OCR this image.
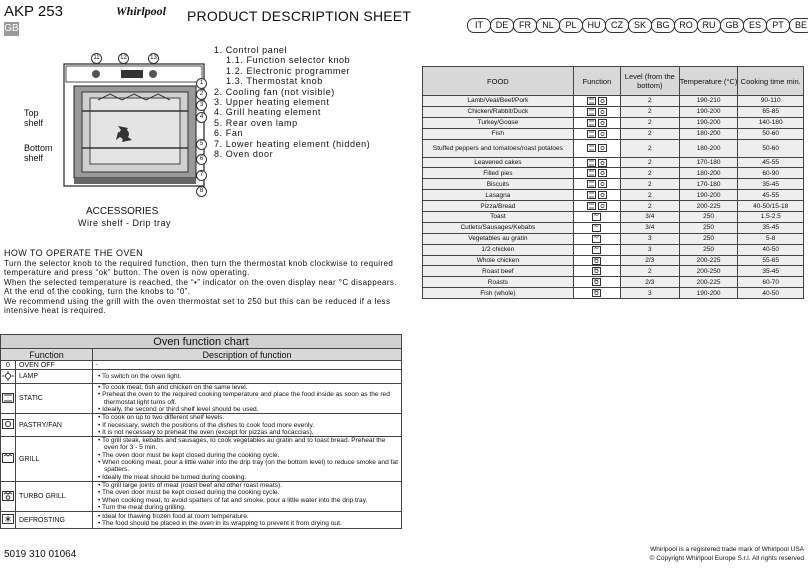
AKP 253
GB
Whirlpool PRODUCT DESCRIPTION SHEET
IT	DE	FR	NL	PL	HU	CZ	SK	BG	RO	RU	GB	ES	PT	BE
11	12	13
1
2
3
4
5
6
7
8
Top shelf
Bottom shelf
ACCESSORIES
Wire shelf - Drip tray
1. Control panel
1.1. Function selector knob
1.2. Electronic programmer
1.3. Thermostat knob
2. Cooling fan (not visible)
3. Upper heating element
4. Grill heating element
5. Rear oven lamp
6. Fan
7. Lower heating element (hidden)
8. Oven door
HOW TO OPERATE THE OVEN
Turn the selector knob to the required function, then turn the thermostat knob clockwise to required temperature and press “ok” button. The oven is now operating.
When the selected temperature is reached, the “•” indicator on the oven display near °C disappears. At the end of the cooking, turn the knobs to “0”.
We recommend using the grill with the oven thermostat set to 250 but this can be reduced if a less intensive heat is required.
FOOD	Function	Level (from the bottom)	Temperature (°C)	Cooking time min.
Lamb/Veal/Beef/Pork		2	190-210	90-110
Chicken/Rabbit/Duck		2	190-200	65-85
Turkey/Goose		2	190-200	140-180
Fish		2	180-200	50-60
Stuffed peppers and tomatoes/roast potatoes		2	180-200	50-60
Leavened cakes		2	170-180	45-55
Filled pies		2	180-200	60-90
Biscuits		2	170-180	35-45
Lasagna		2	190-200	45-55
Pizza/Bread		2	200-225	40-50/15-18
Toast		3/4	250	1.5-2.5
Cutlets/Sausages/Kebabs		3/4	250	35-45
Vegetables au gratin		3	250	5-8
1/2 chicken		3	250	40-50
Whole chicken		2/3	200-225	55-65
Roast beef		2	200-250	35-45
Roasts		2/3	200-225	60-70
Fish (whole)		3	190-200	40-50
Oven function chart
Function		Description of function
0	OVEN OFF	-
	LAMP	• To switch on the oven light.

	STATIC	• To cook meat, fish and chicken on the same level.
• Preheat the oven to the required cooking temperature and place the food inside as soon as the red thermostat light turns off.
• Ideally, the second or third shelf level should be used.

	PASTRY/FAN	• To cook on up to two different shelf levels.
• If necessary, switch the positions of the dishes to cook food more evenly.
• It is not necessary to preheat the oven (except for pizzas and focaccias).

	GRILL	• To grill steak, kebabs and sausages, to cook vegetables au gratin and to toast bread. Preheat the oven for 3 - 5 min.
• The oven door must be kept closed during the cooking cycle.
• When cooking meat, pour a little water into the drip tray (on the bottom level) to reduce smoke and fat spatters.
• Ideally the meat should be turned during cooking.

	TURBO GRILL	• To grill large joints of meat (roast beef and other roast meats).
• The oven door must be kept closed during the cooking cycle.
• When cooking meat, to avoid spatters of fat and smoke, pour a little water into the drip tray.
• Turn the meat during grilling.

	DEFROSTING	• Ideal for thawing frozen food at room temperature.
• The food should be placed in the oven in its wrapping to prevent it from drying out.
5019 310 01064	Whirlpool is a registered trade mark of Whirlpool USA
© Copyright Whirlpool Europe S.r.l. All rights reserved
